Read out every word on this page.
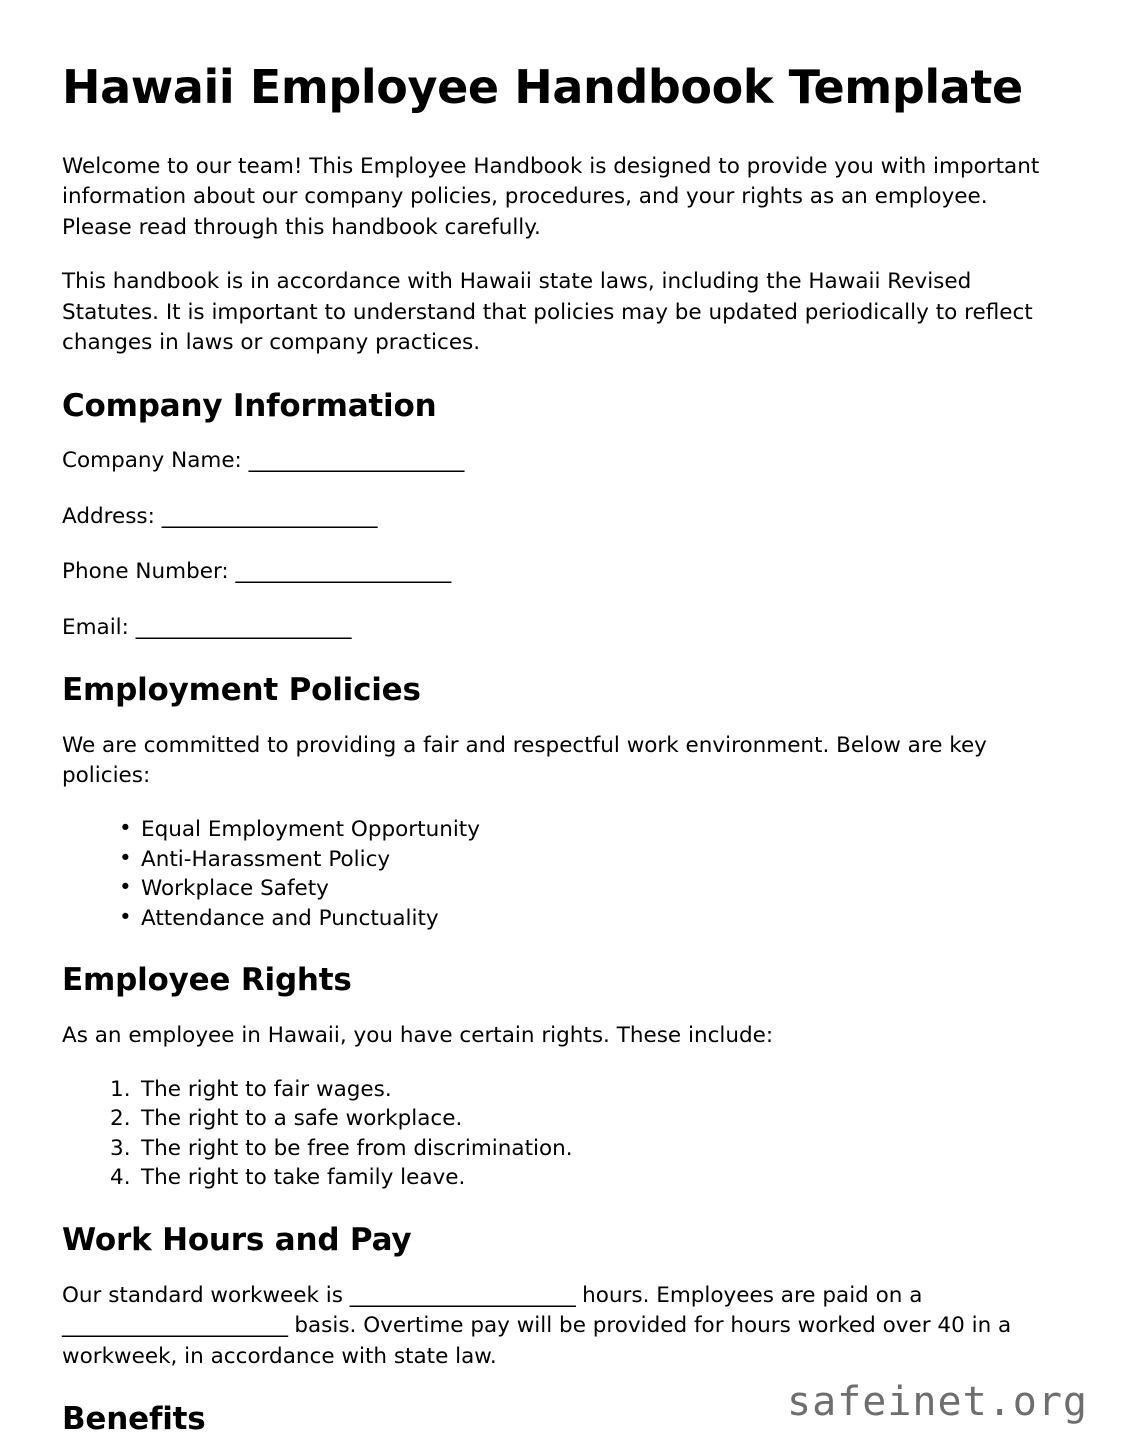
Hawaii Employee Handbook Template

Welcome to our team! This Employee Handbook is designed to provide you with important information about our company policies, procedures, and your rights as an employee. Please read through this handbook carefully.

This handbook is in accordance with Hawaii state laws, including the Hawaii Revised Statutes. It is important to understand that policies may be updated periodically to reflect changes in laws or company practices.

Company Information

Company Name: _____________________

Address: _____________________

Phone Number: _____________________

Email: _____________________

Employment Policies

We are committed to providing a fair and respectful work environment. Below are key policies:

• Equal Employment Opportunity
• Anti-Harassment Policy
• Workplace Safety
• Attendance and Punctuality
Employee Rights

As an employee in Hawaii, you have certain rights. These include:

The right to fair wages.
The right to a safe workplace.
The right to be free from discrimination.
The right to take family leave.
Work Hours and Pay

Our standard workweek is ______________________ hours. Employees are paid on a ______________________ basis. Overtime pay will be provided for hours worked over 40 in a workweek, in accordance with state law.

Benefits	safeinet.org
